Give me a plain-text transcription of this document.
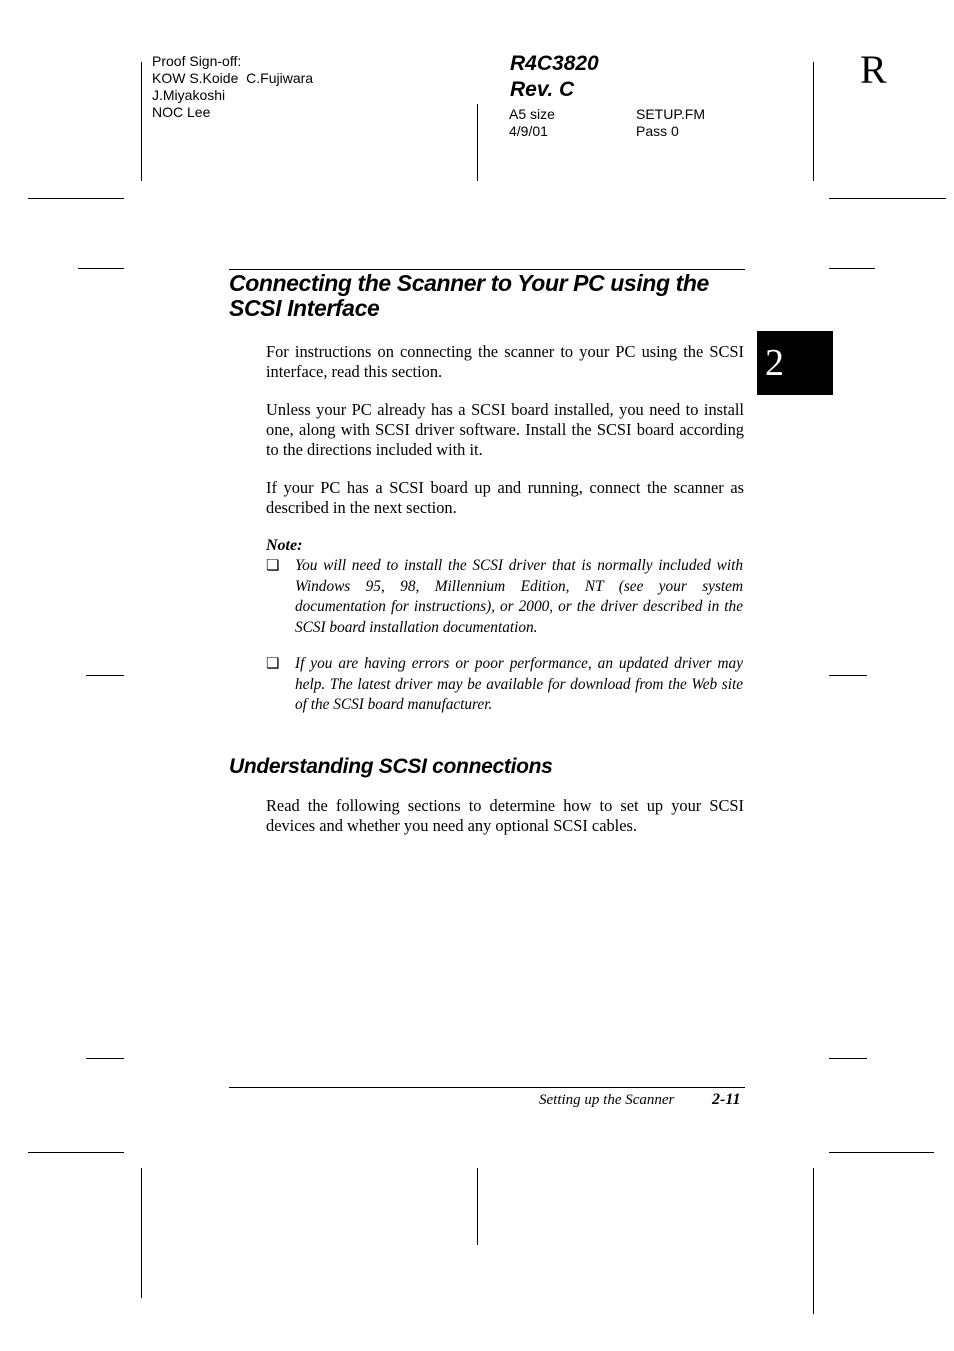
Proof Sign-off:
KOW S.Koide  C.Fujiwara
J.Miyakoshi
NOC Lee
R4C3820
Rev. C
A5 size
4/9/01
SETUP.FM
Pass 0
R
2
Connecting the Scanner to Your PC using the SCSI Interface
For instructions on connecting the scanner to your PC using the SCSI interface, read this section.
Unless your PC already has a SCSI board installed, you need to install one, along with SCSI driver software. Install the SCSI board according to the directions included with it.
If your PC has a SCSI board up and running, connect the scanner as described in the next section.
Note:
❏ You will need to install the SCSI driver that is normally included with Windows 95, 98, Millennium Edition, NT (see your system documentation for instructions), or 2000, or the driver described in the SCSI board installation documentation.
❏ If you are having errors or poor performance, an updated driver may help. The latest driver may be available for download from the Web site of the SCSI board manufacturer.
Understanding SCSI connections
Read the following sections to determine how to set up your SCSI devices and whether you need any optional SCSI cables.
Setting up the Scanner 2-11
